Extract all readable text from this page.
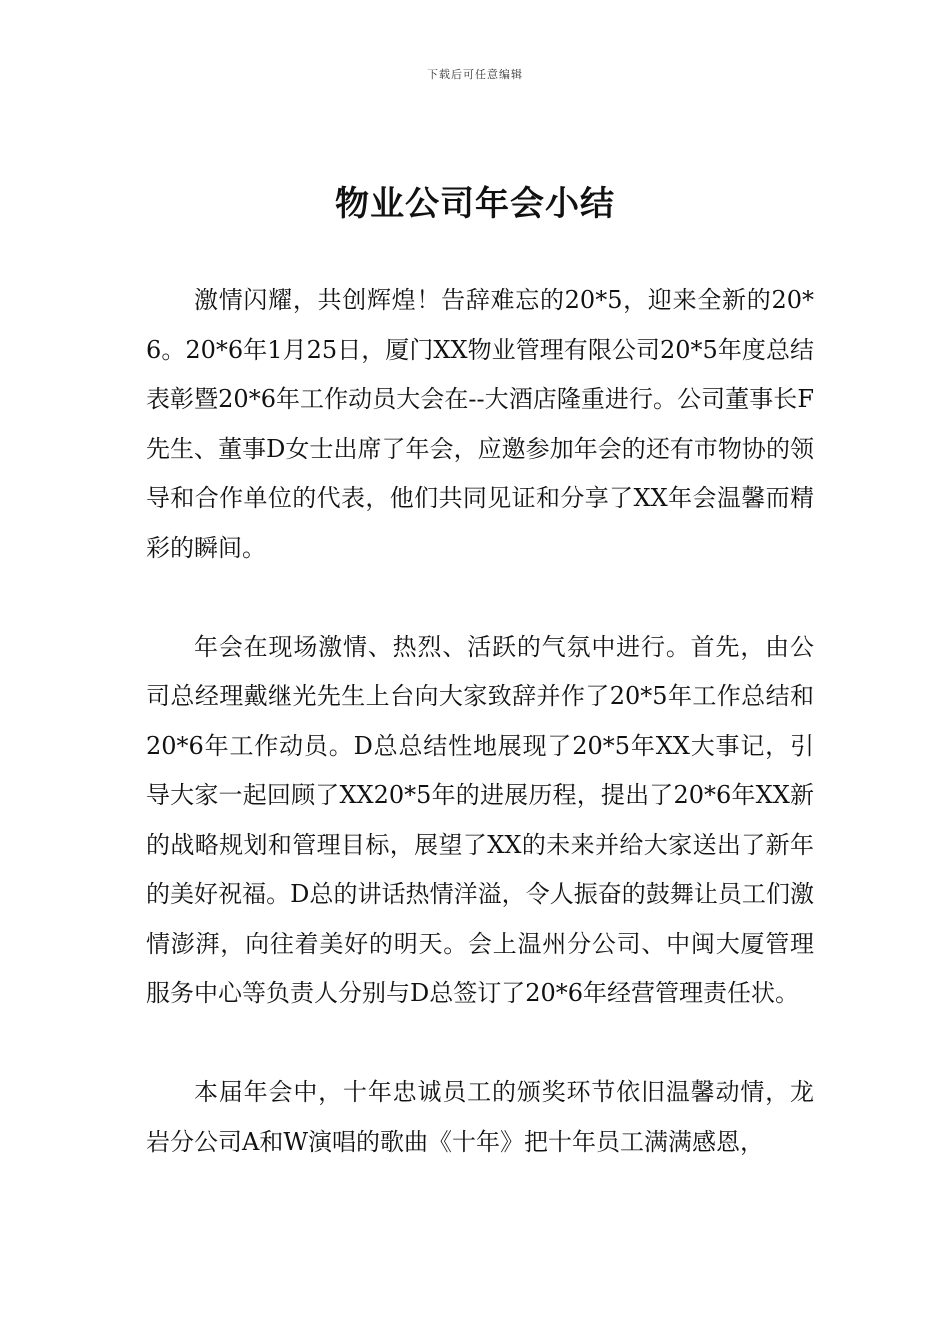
下载后可任意编辑
物业公司年会小结

激情闪耀，共创辉煌！告辞难忘的20*5，迎来全新的20*6。20*6年1月25日，厦门XX物业管理有限公司20*5年度总结表彰暨20*6年工作动员大会在--大酒店隆重进行。公司董事长F先生、董事D女士出席了年会，应邀参加年会的还有市物协的领导和合作单位的代表，他们共同见证和分享了XX年会温馨而精彩的瞬间。

年会在现场激情、热烈、活跃的气氛中进行。首先，由公司总经理戴继光先生上台向大家致辞并作了20*5年工作总结和20*6年工作动员。D总总结性地展现了20*5年XX大事记，引导大家一起回顾了XX20*5年的进展历程，提出了20*6年XX新的战略规划和管理目标，展望了XX的未来并给大家送出了新年的美好祝福。D总的讲话热情洋溢，令人振奋的鼓舞让员工们激情澎湃，向往着美好的明天。会上温州分公司、中闽大厦管理服务中心等负责人分别与D总签订了20*6年经营管理责任状。

本届年会中，十年忠诚员工的颁奖环节依旧温馨动情，龙岩分公司A和W演唱的歌曲《十年》把十年员工满满感恩，
